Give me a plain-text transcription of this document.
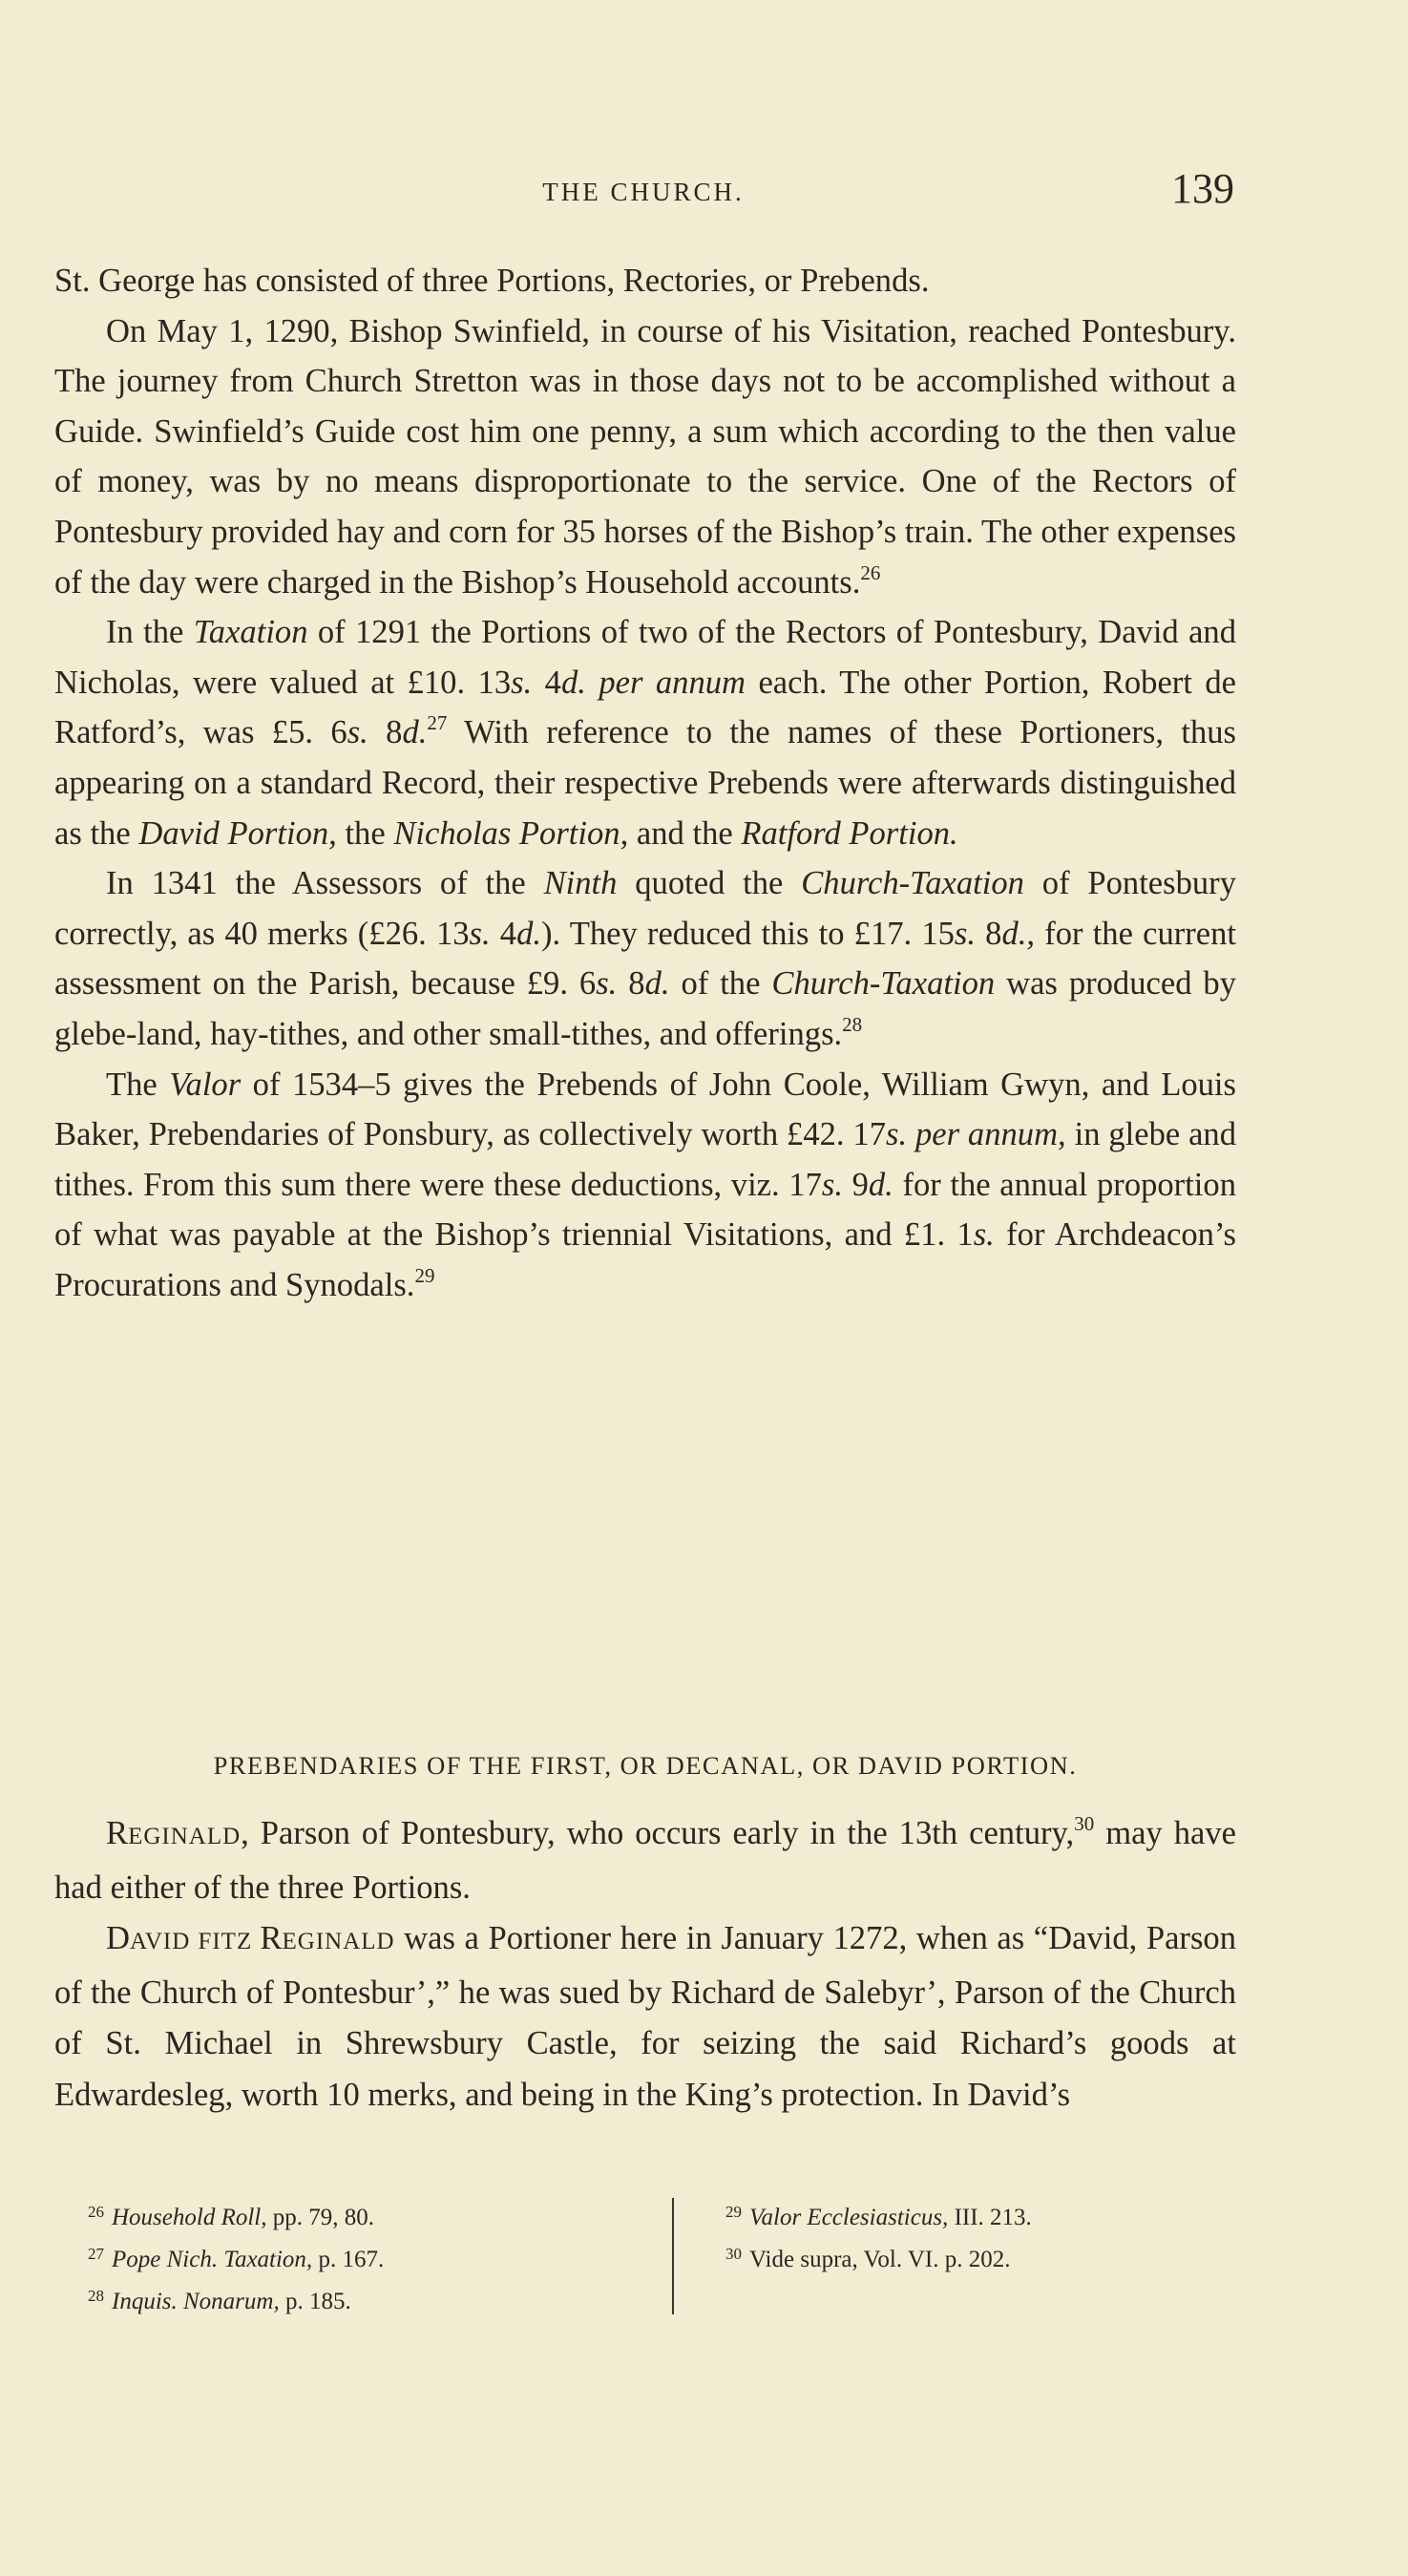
THE CHURCH.	139

St. George has consisted of three Portions, Rectories, or Prebends.

On May 1, 1290, Bishop Swinfield, in course of his Visitation, reached Pontesbury. The journey from Church Stretton was in those days not to be accomplished without a Guide. Swinfield’s Guide cost him one penny, a sum which according to the then value of money, was by no means disproportionate to the service. One of the Rectors of Pontesbury provided hay and corn for 35 horses of the Bishop’s train. The other expenses of the day were charged in the Bishop’s Household accounts.$^{26}$

In the Taxation of 1291 the Portions of two of the Rectors of Pontesbury, David and Nicholas, were valued at £10. 13s. 4d. per annum each. The other Portion, Robert de Ratford’s, was £5. 6s. 8d.$^{27}$ With reference to the names of these Portioners, thus appearing on a standard Record, their respective Prebends were afterwards distinguished as the David Portion, the Nicholas Portion, and the Ratford Portion.

In 1341 the Assessors of the Ninth quoted the Church-Taxation of Pontesbury correctly, as 40 merks (£26. 13s. 4d.). They reduced this to £17. 15s. 8d., for the current assessment on the Parish, because £9. 6s. 8d. of the Church-Taxation was produced by glebe-land, hay-tithes, and other small-tithes, and offerings.$^{28}$

The Valor of 1534–5 gives the Prebends of John Coole, William Gwyn, and Louis Baker, Prebendaries of Ponsbury, as collectively worth £42. 17s. per annum, in glebe and tithes. From this sum there were these deductions, viz. 17s. 9d. for the annual proportion of what was payable at the Bishop’s triennial Visitations, and £1. 1s. for Archdeacon’s Procurations and Synodals.$^{29}$

PREBENDARIES OF THE FIRST, OR DECANAL, OR DAVID PORTION.

REGINALD, Parson of Pontesbury, who occurs early in the 13th century,$^{30}$ may have had either of the three Portions.

DAVID FITZ REGINALD was a Portioner here in January 1272, when as “David, Parson of the Church of Pontesbur’,” he was sued by Richard de Salebyr’, Parson of the Church of St. Michael in Shrewsbury Castle, for seizing the said Richard’s goods at Edwardesleg, worth 10 merks, and being in the King’s protection. In David’s

$^{26}$ Household Roll, pp. 79, 80.
$^{27}$ Pope Nich. Taxation, p. 167.
$^{28}$ Inquis. Nonarum, p. 185.
$^{29}$ Valor Ecclesiasticus, III. 213.
$^{30}$ Vide supra, Vol. VI. p. 202.
